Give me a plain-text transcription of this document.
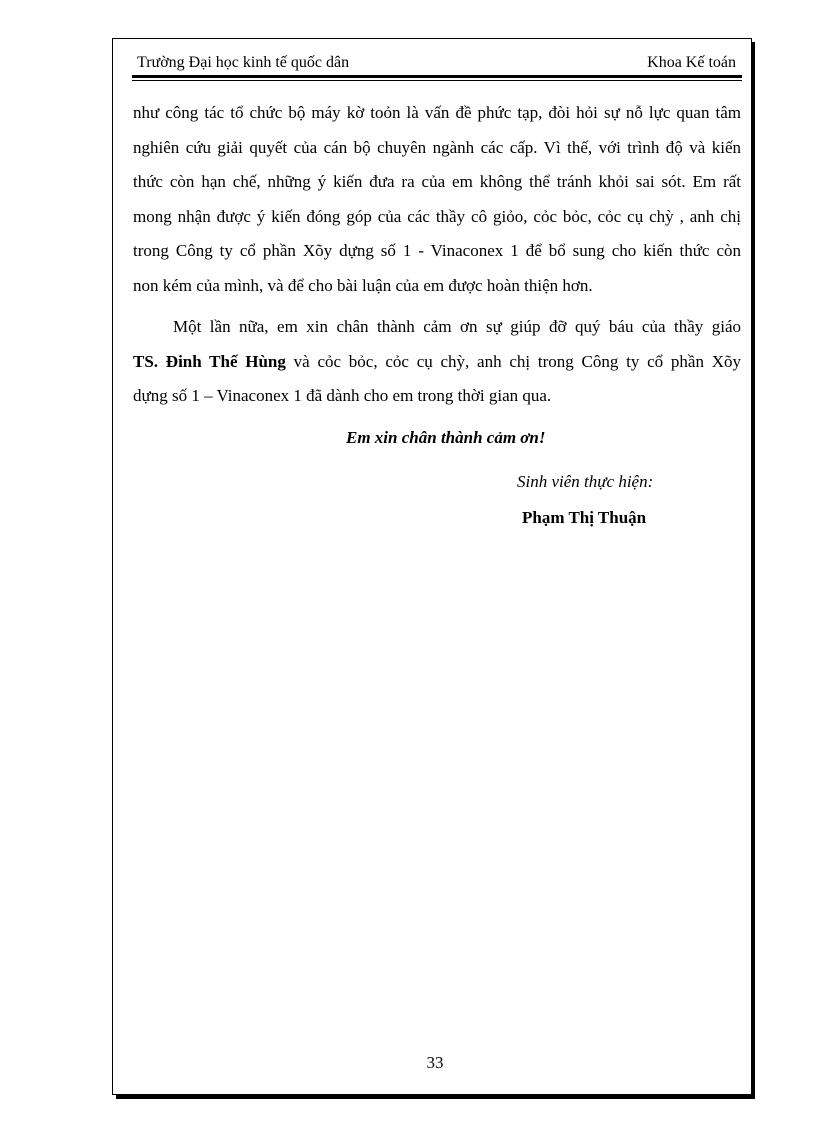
Trường Đại học kinh tế quốc dân	Khoa Kế toán
như công tác tổ chức bộ máy kờ toỏn là vấn đề phức tạp, đòi hỏi sự nỗ lực quan tâm
nghiên cứu giải quyết của cán bộ chuyên ngành các cấp. Vì thế, với trình độ và kiến
thức còn hạn chế, những ý kiến đưa ra của em không thể tránh khỏi sai sót. Em rất
mong nhận được ý kiến đóng góp của các thầy cô giỏo, cỏc bỏc, cỏc cụ chỳ , anh chị
trong Công ty cổ phần Xõy dựng số 1 - Vinaconex 1 để bổ sung cho kiến thức còn
non kém của mình, và để cho bài luận của em được hoàn thiện hơn.
Một lần nữa, em xin chân thành cảm ơn sự giúp đỡ quý báu của thầy giáo
TS. Đinh Thế Hùng và cỏc bỏc, cỏc cụ chỳ, anh chị trong Công ty cổ phần Xõy
dựng số 1 – Vinaconex 1 đã dành cho em trong thời gian qua.
Em xin chân thành cảm ơn!
Sinh viên thực hiện:
Phạm Thị Thuận
33
